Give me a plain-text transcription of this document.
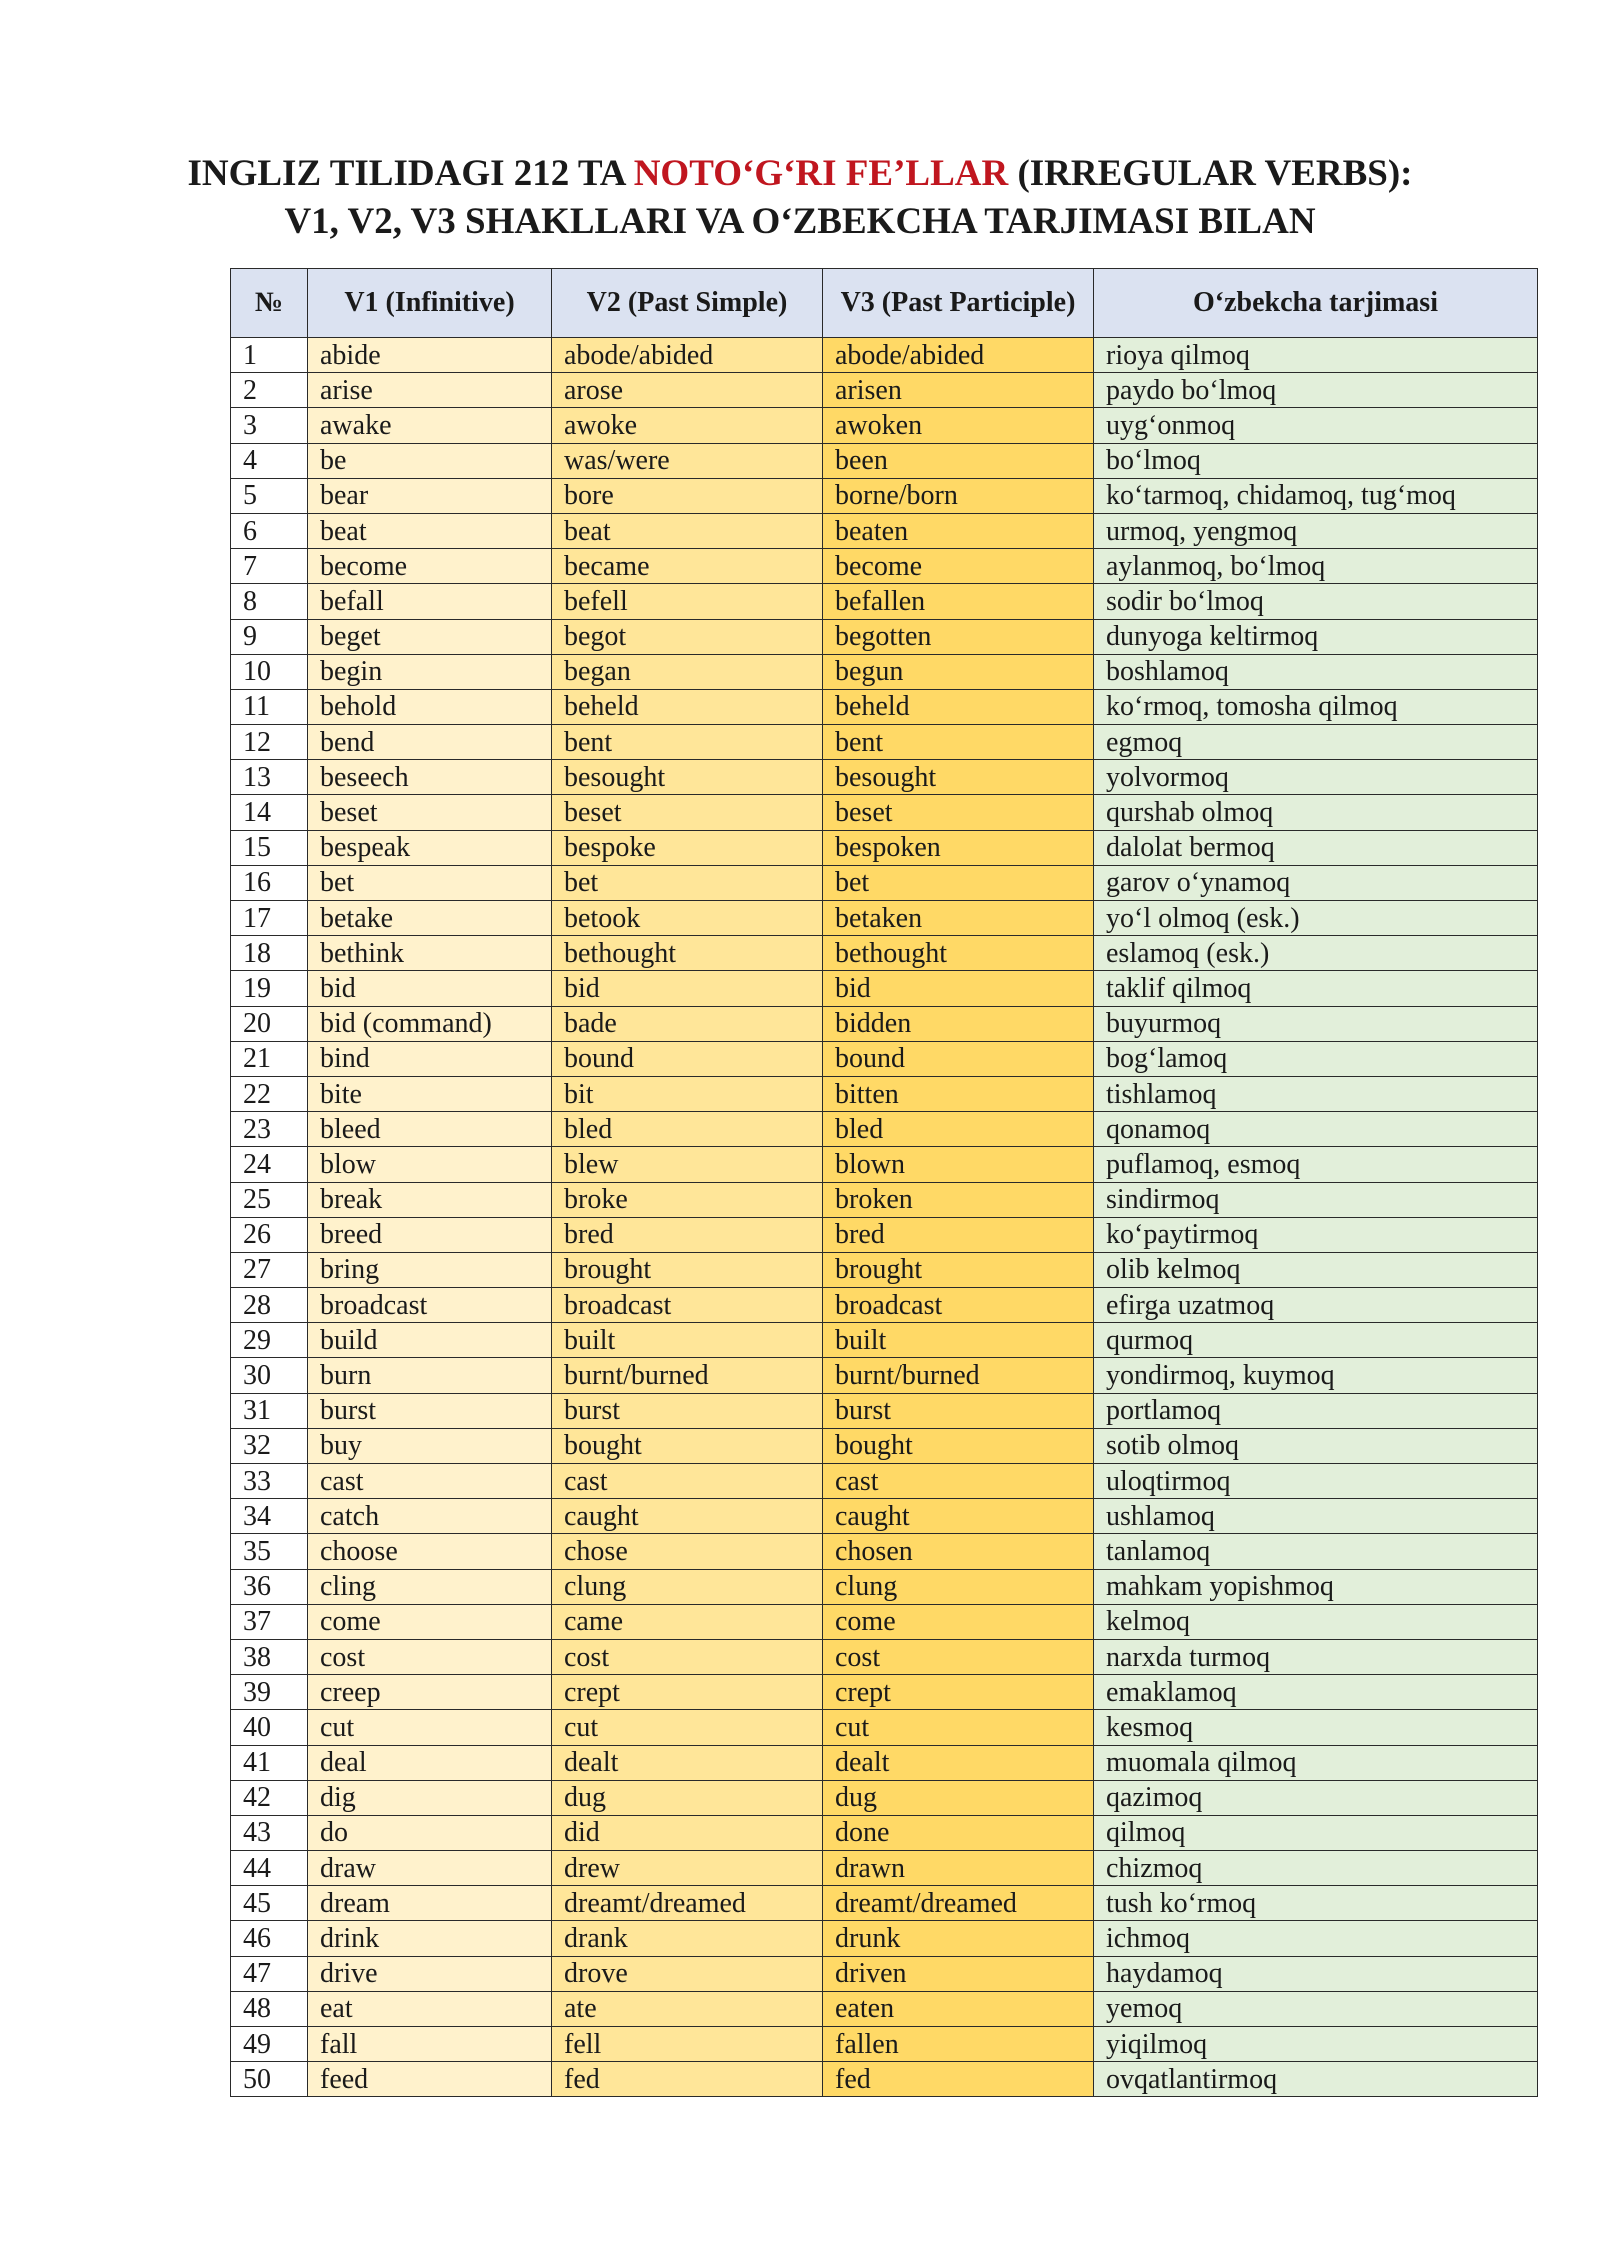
INGLIZ TILIDAGI 212 TA NOTO‘G‘RI FE’LLAR (IRREGULAR VERBS):
V1, V2, V3 SHAKLLARI VA O‘ZBEKCHA TARJIMASI BILAN
№	V1 (Infinitive)	V2 (Past Simple)	V3 (Past Participle)	O‘zbekcha tarjimasi
1	abide	abode/abided	abode/abided	rioya qilmoq
2	arise	arose	arisen	paydo bo‘lmoq
3	awake	awoke	awoken	uyg‘onmoq
4	be	was/were	been	bo‘lmoq
5	bear	bore	borne/born	ko‘tarmoq, chidamoq, tug‘moq
6	beat	beat	beaten	urmoq, yengmoq
7	become	became	become	aylanmoq, bo‘lmoq
8	befall	befell	befallen	sodir bo‘lmoq
9	beget	begot	begotten	dunyoga keltirmoq
10	begin	began	begun	boshlamoq
11	behold	beheld	beheld	ko‘rmoq, tomosha qilmoq
12	bend	bent	bent	egmoq
13	beseech	besought	besought	yolvormoq
14	beset	beset	beset	qurshab olmoq
15	bespeak	bespoke	bespoken	dalolat bermoq
16	bet	bet	bet	garov o‘ynamoq
17	betake	betook	betaken	yo‘l olmoq (esk.)
18	bethink	bethought	bethought	eslamoq (esk.)
19	bid	bid	bid	taklif qilmoq
20	bid (command)	bade	bidden	buyurmoq
21	bind	bound	bound	bog‘lamoq
22	bite	bit	bitten	tishlamoq
23	bleed	bled	bled	qonamoq
24	blow	blew	blown	puflamoq, esmoq
25	break	broke	broken	sindirmoq
26	breed	bred	bred	ko‘paytirmoq
27	bring	brought	brought	olib kelmoq
28	broadcast	broadcast	broadcast	efirga uzatmoq
29	build	built	built	qurmoq
30	burn	burnt/burned	burnt/burned	yondirmoq, kuymoq
31	burst	burst	burst	portlamoq
32	buy	bought	bought	sotib olmoq
33	cast	cast	cast	uloqtirmoq
34	catch	caught	caught	ushlamoq
35	choose	chose	chosen	tanlamoq
36	cling	clung	clung	mahkam yopishmoq
37	come	came	come	kelmoq
38	cost	cost	cost	narxda turmoq
39	creep	crept	crept	emaklamoq
40	cut	cut	cut	kesmoq
41	deal	dealt	dealt	muomala qilmoq
42	dig	dug	dug	qazimoq
43	do	did	done	qilmoq
44	draw	drew	drawn	chizmoq
45	dream	dreamt/dreamed	dreamt/dreamed	tush ko‘rmoq
46	drink	drank	drunk	ichmoq
47	drive	drove	driven	haydamoq
48	eat	ate	eaten	yemoq
49	fall	fell	fallen	yiqilmoq
50	feed	fed	fed	ovqatlantirmoq
